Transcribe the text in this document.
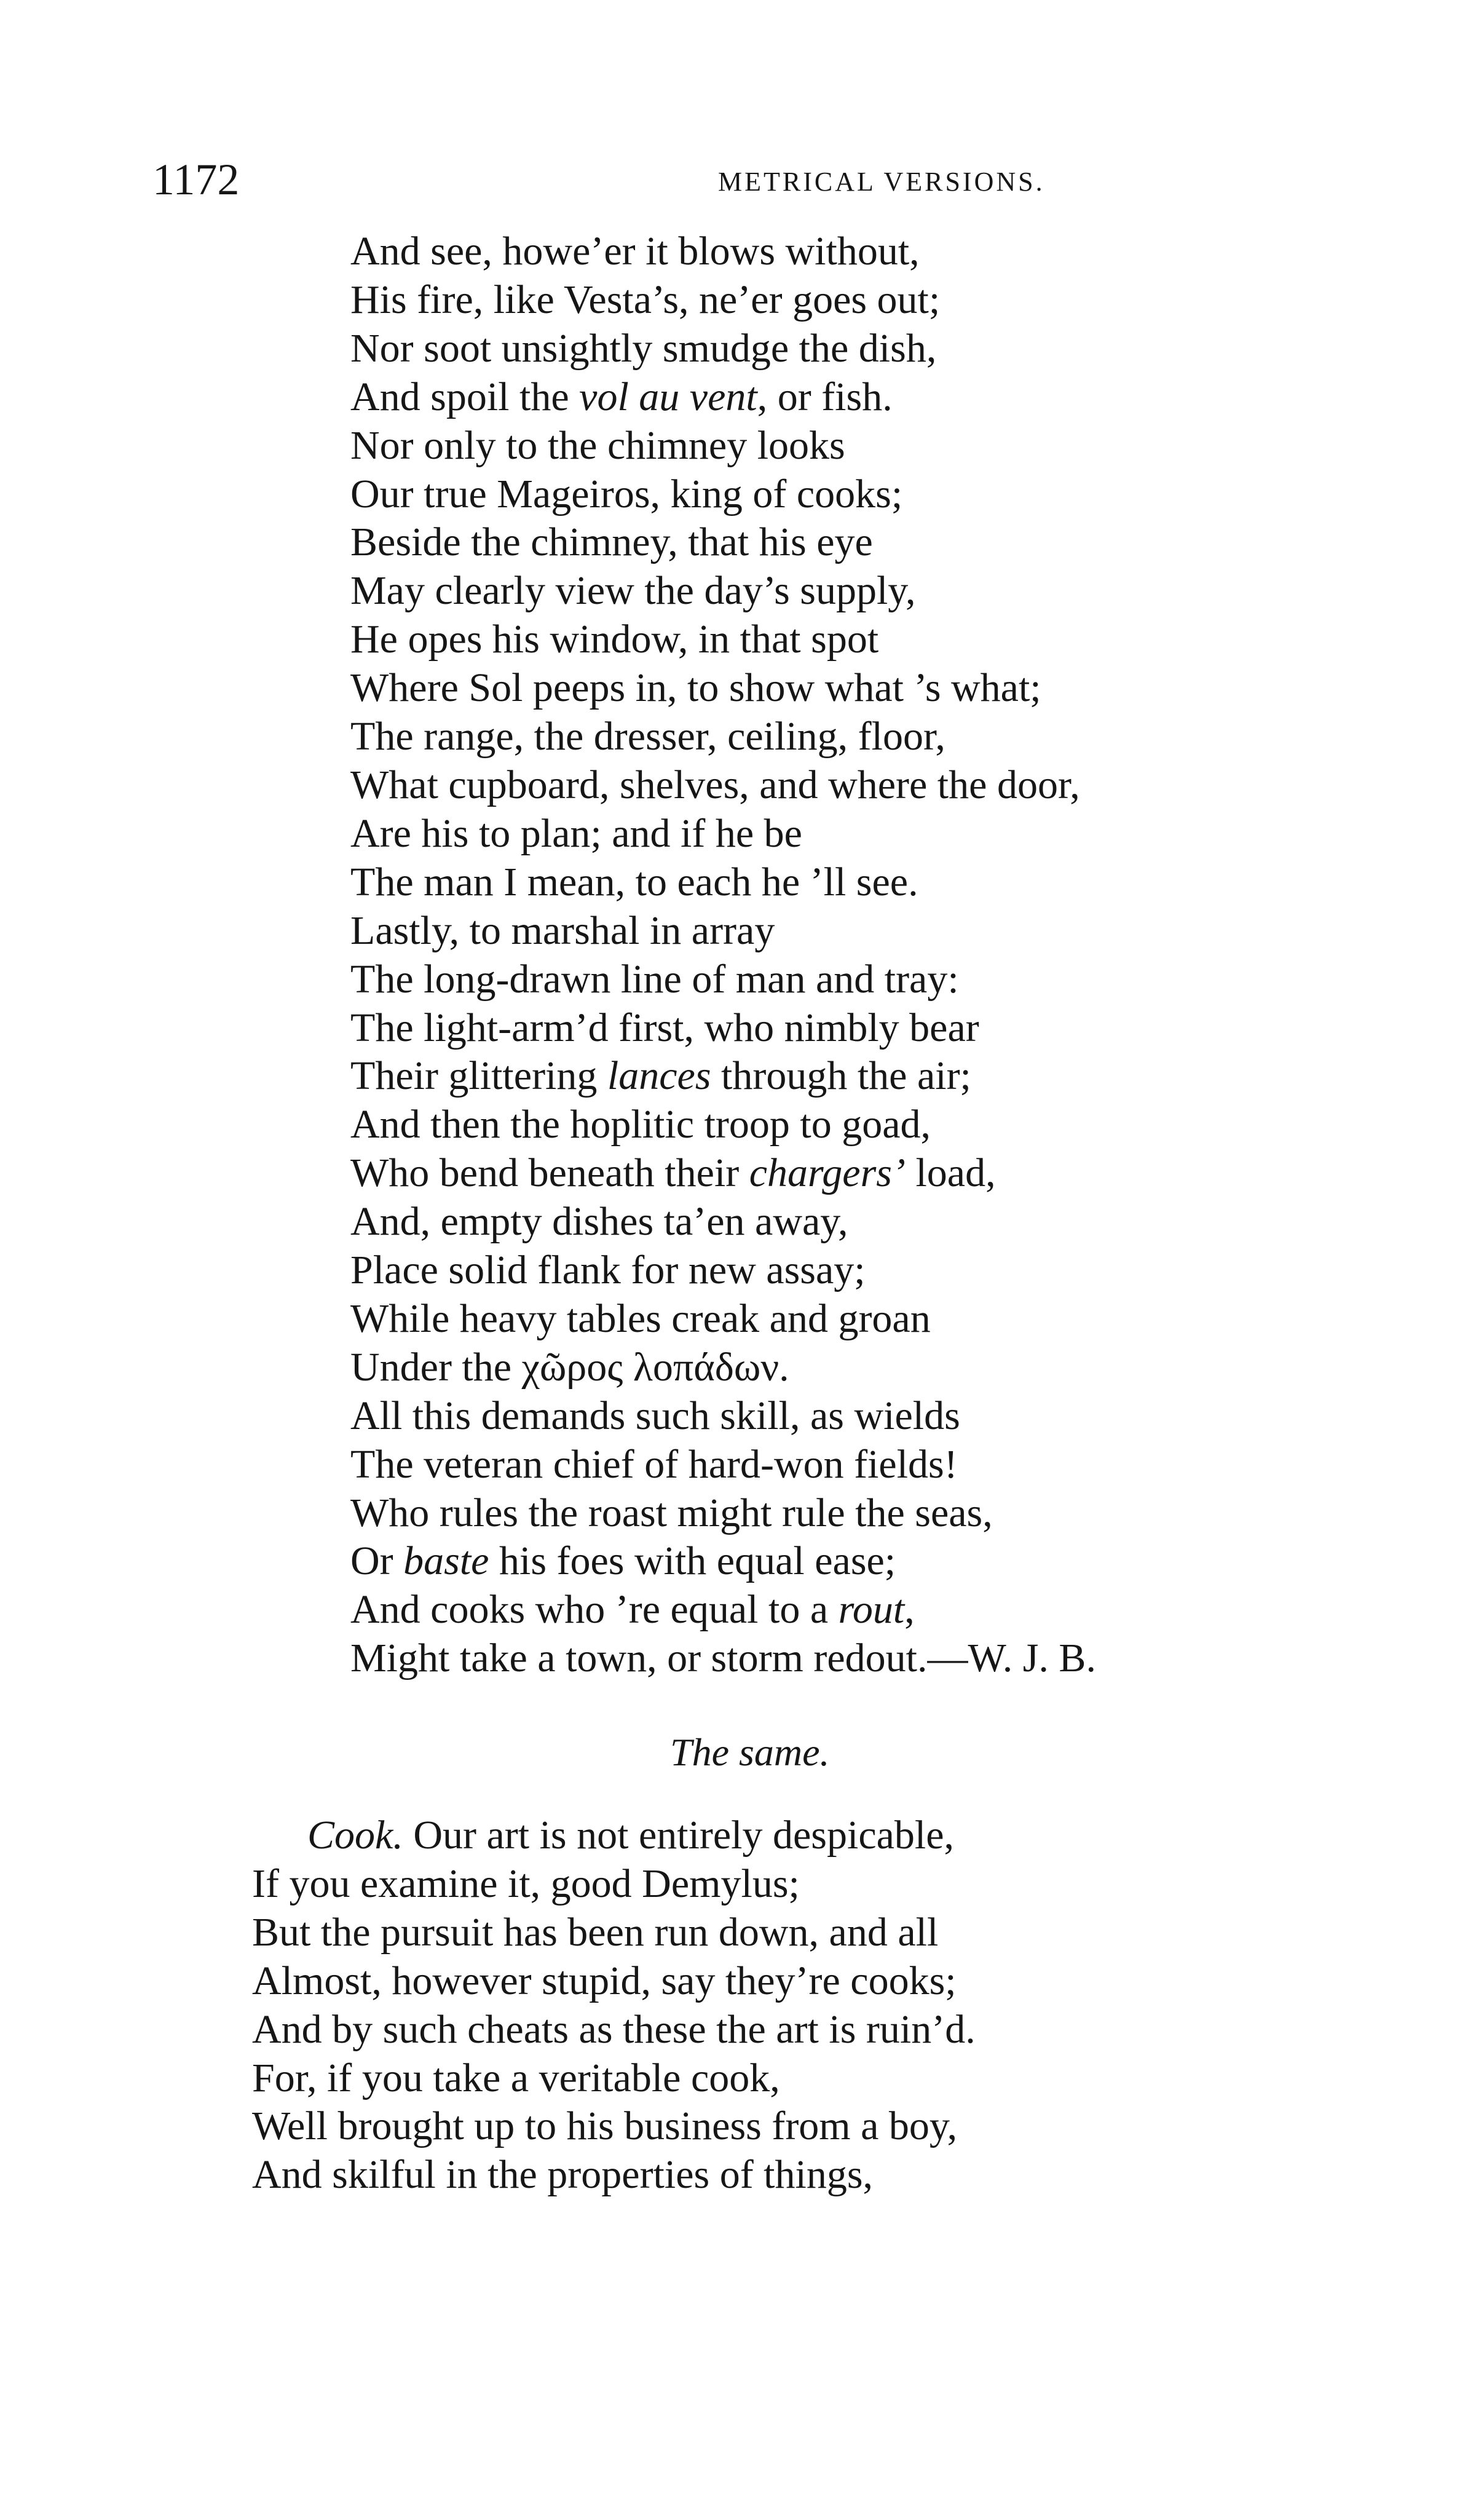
1172	METRICAL VERSIONS.
And see, howe’er it blows without,
His fire, like Vesta’s, ne’er goes out;
Nor soot unsightly smudge the dish,
And spoil the vol au vent, or fish.
Nor only to the chimney looks
Our true Mageiros, king of cooks;
Beside the chimney, that his eye
May clearly view the day’s supply,
He opes his window, in that spot
Where Sol peeps in, to show what ’s what;
The range, the dresser, ceiling, floor,
What cupboard, shelves, and where the door,
Are his to plan; and if he be
The man I mean, to each he ’ll see.
Lastly, to marshal in array
The long-drawn line of man and tray:
The light-arm’d first, who nimbly bear
Their glittering lances through the air;
And then the hoplitic troop to goad,
Who bend beneath their chargers’ load,
And, empty dishes ta’en away,
Place solid flank for new assay;
While heavy tables creak and groan
Under the χῶρος λοπάδων.
All this demands such skill, as wields
The veteran chief of hard-won fields!
Who rules the roast might rule the seas,
Or baste his foes with equal ease;
And cooks who ’re equal to a rout,
Might take a town, or storm redout.—W. J. B.
The same.
Cook. Our art is not entirely despicable,
If you examine it, good Demylus;
But the pursuit has been run down, and all
Almost, however stupid, say they’re cooks;
And by such cheats as these the art is ruin’d.
For, if you take a veritable cook,
Well brought up to his business from a boy,
And skilful in the properties of things,
